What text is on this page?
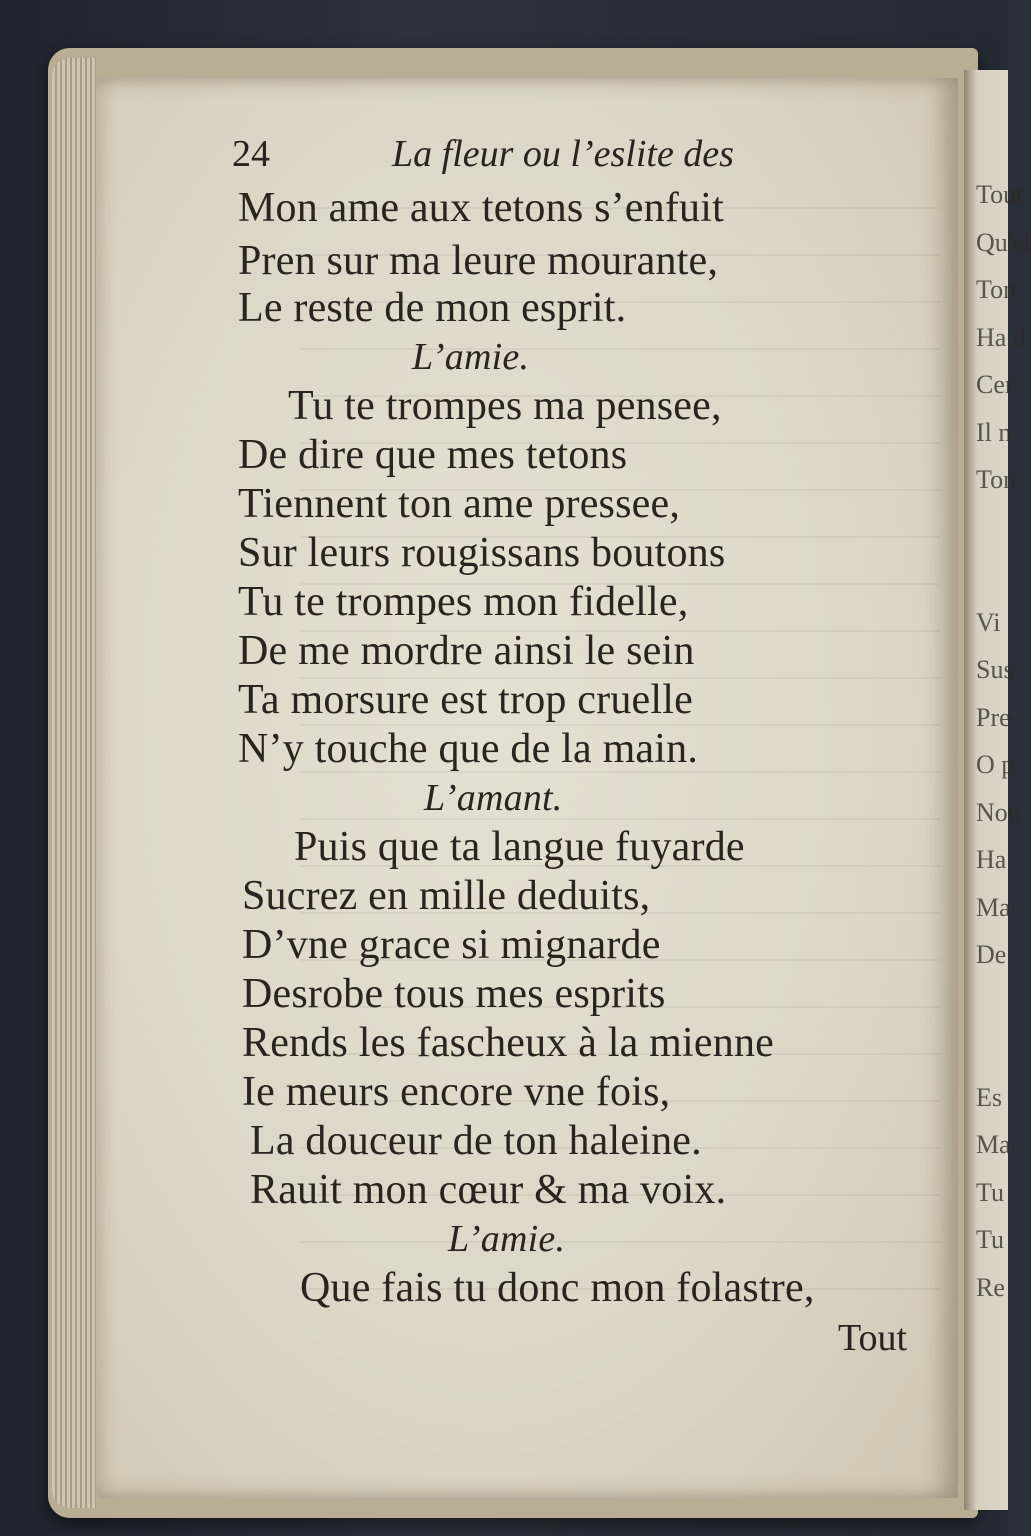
Tout
Qu'el
Ton
Ha d
Cer
Il n
Ton
Vi
Sus
Pre
O p
Nou
Ha
Ma
De
Es
Ma
Tu
Tu
Re
24	La fleur ou l’eslite des
Mon ame aux tetons s’enfuit
Pren sur ma leure mourante,
Le reste de mon esprit.
L’amie.
Tu te trompes ma pensee,
De dire que mes tetons
Tiennent ton ame pressee,
Sur leurs rougissans boutons
Tu te trompes mon fidelle,
De me mordre ainsi le sein
Ta morsure est trop cruelle
N’y touche que de la main.
L’amant.
Puis que ta langue fuyarde
Sucrez en mille deduits,
D’vne grace si mignarde
Desrobe tous mes esprits
Rends les fascheux à la mienne
Ie meurs encore vne fois,
La douceur de ton haleine.
Rauit mon cœur & ma voix.
L’amie.
Que fais tu donc mon folastre,
Tout
